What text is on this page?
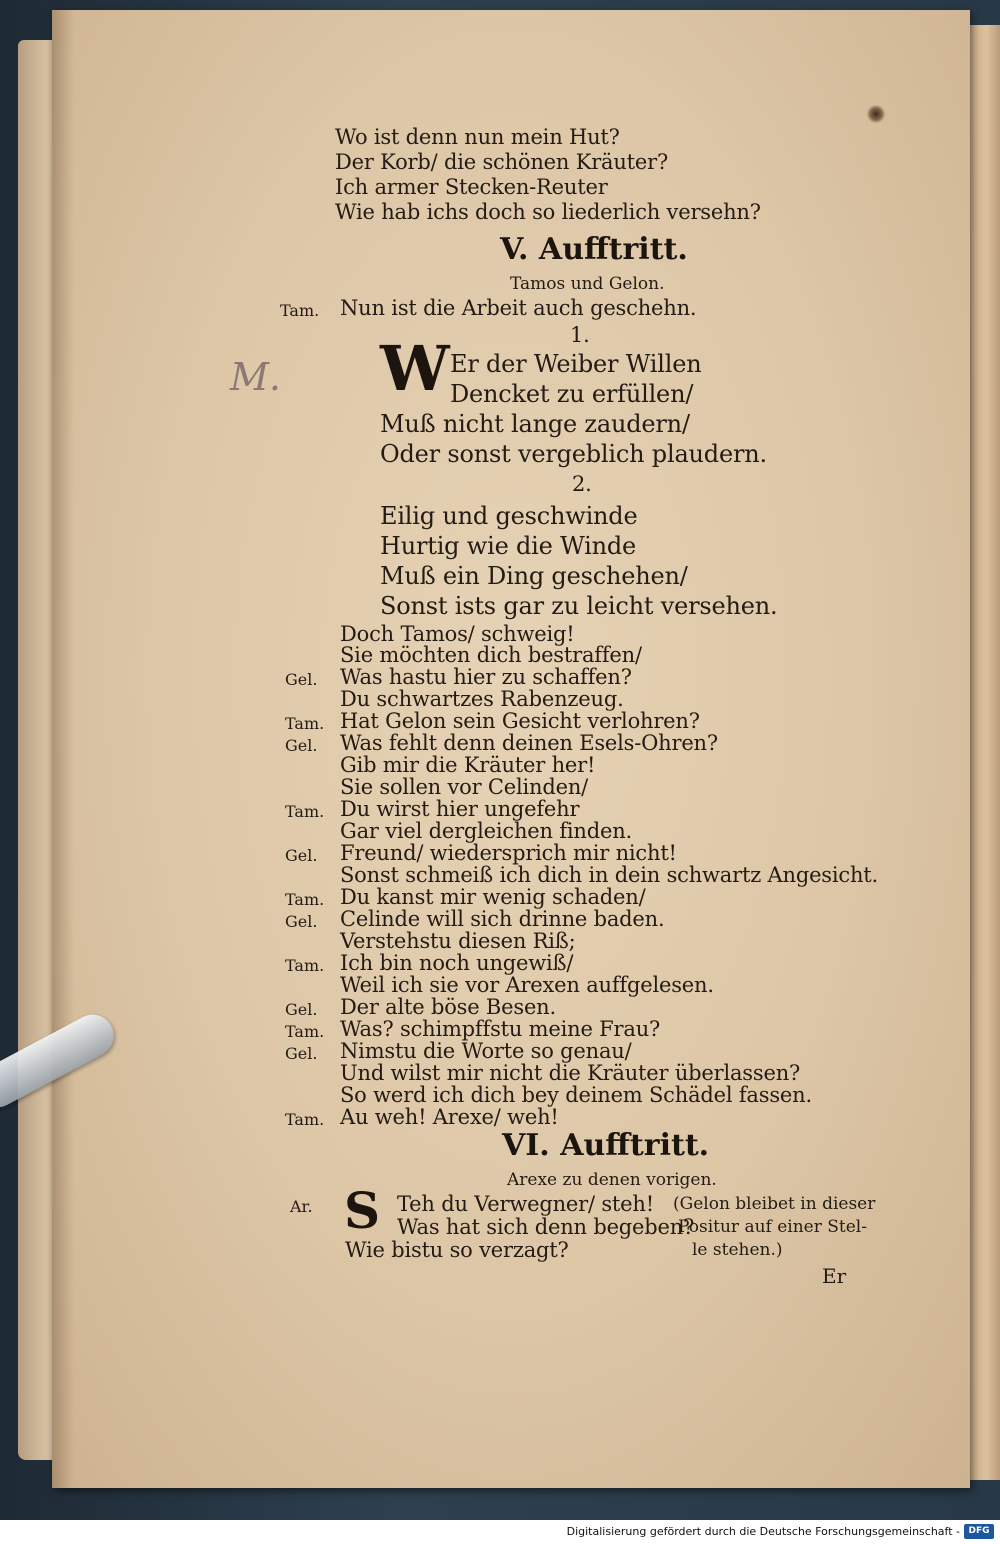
Wo ist denn nun mein Hut?
Der Korb/ die schönen Kräuter?
Ich armer Stecken-Reuter
Wie hab ichs doch so liederlich versehn?
V. Aufftritt.
Tamos und Gelon.
Tam. Nun ist die Arbeit auch geschehn.
1.
W Er der Weiber Willen
Dencket zu erfüllen/
Muß nicht lange zaudern/
Oder sonst vergeblich plaudern.
2.
Eilig und geschwinde
Hurtig wie die Winde
Muß ein Ding geschehen/
Sonst ists gar zu leicht versehen.
Doch Tamos/ schweig!
Sie möchten dich bestraffen/
Gel. Was hastu hier zu schaffen?
Du schwartzes Rabenzeug.
Tam. Hat Gelon sein Gesicht verlohren?
Gel. Was fehlt denn deinen Esels-Ohren?
Gib mir die Kräuter her!
Sie sollen vor Celinden/
Tam. Du wirst hier ungefehr
Gar viel dergleichen finden.
Gel. Freund/ wiedersprich mir nicht!
Sonst schmeiß ich dich in dein schwartz Angesicht.
Tam. Du kanst mir wenig schaden/
Gel. Celinde will sich drinne baden.
Verstehstu diesen Riß;
Tam. Ich bin noch ungewiß/
Weil ich sie vor Arexen auffgelesen.
Gel. Der alte böse Besen.
Tam. Was? schimpffstu meine Frau?
Gel. Nimstu die Worte so genau/
Und wilst mir nicht die Kräuter überlassen?
So werd ich dich bey deinem Schädel fassen.
Tam. Au weh! Arexe/ weh!
VI. Aufftritt.
Arexe zu denen vorigen.
Ar. S Teh du Verwegner/ steh!
Was hat sich denn begeben?
Wie bistu so verzagt?
(Gelon bleibet in dieser
Positur auf einer Stel-
le stehen.)
Er
M.
Digitalisierung gefördert durch die Deutsche Forschungsgemeinschaft - DFG
